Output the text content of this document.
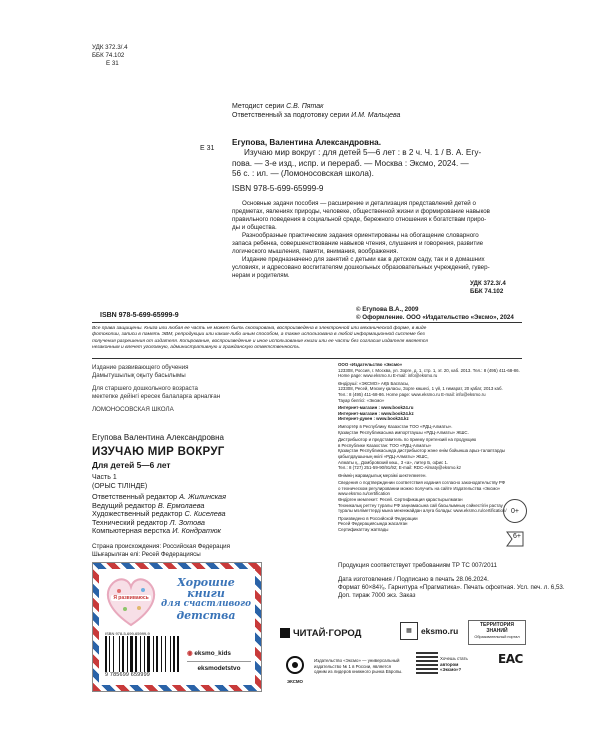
УДК 372.3/.4
ББК 74.102
Е 31
Методист серии С.В. Пятак
Ответственный за подготовку серии И.М. Мальцева
Е 31
Егупова, Валентина Александровна.
Изучаю мир вокруг : для детей 5—6 лет : в 2 ч. Ч. 1 / В. А. Егу-
пова. — 3-е изд., испр. и перераб. — Москва : Эксмо, 2024. —
56 с. : ил. — (Ломоносовская школа).
ISBN 978-5-699-65999-9
Основные задачи пособия — расширение и детализация представлений детей о
предметах, явлениях природы, человеке, общественной жизни и формирование навыков
правильного поведения в социальной среде, бережного отношения к богатствам приро-
ды и общества.
Разнообразные практические задания ориентированы на обогащение словарного
запаса ребенка, совершенствование навыков чтения, слушания и говорения, развитие
логического мышления, памяти, внимания, воображения.
Издание предназначено для занятий с детьми как в детском саду, так и в домашних
условиях, и адресовано воспитателям дошкольных образовательных учреждений, гувер-
нерам и родителям.
УДК 372.3/.4
ББК 74.102
ISBN 978-5-699-65999-9
© Егупова В.А., 2009
© Оформление. ООО «Издательство «Эксмо», 2024
Все права защищены. Книга или любая ее часть не может быть скопирована, воспроизведена в электронной или механической форме, в виде
фотокопии, записи в память ЭВМ, репродукции или каким-либо иным способом, а также использована в любой информационной системе без
получения разрешения от издателя. Копирование, воспроизведение и иное использование книги или ее части без согласия издателя является
незаконным и влечет уголовную, административную и гражданскую ответственность.
Издание развивающего обучения
Дамытушылық оқыту басылымы
Для старшего дошкольного возраста
мектепке дейінгі ересек балаларға арналған
ЛОМОНОСОВСКАЯ ШКОЛА
Егупова Валентина Александровна
ИЗУЧАЮ МИР ВОКРУГ
Для детей 5—6 лет
Часть 1
(ОРЫС ТІЛІНДЕ)
Ответственный редактор А. Жилинская
Ведущий редактор В. Ермолаева
Художественный редактор С. Киселева
Технический редактор Л. Зотова
Компьютерная верстка И. Кондратюк
Страна происхождения: Российская Федерация
Шығарылған елі: Ресей Федерациясы
Я развиваюсь
Хорошие
книги
для счастливого
детства
ISBN 978-5-699-65999-9
9 785699 659999
◉ eksmo_kids
eksmodetstvo
ООО «Издательство «Эксмо»
123308, Россия, г. Москва, ул. Зорге, д. 1, стр. 1, эт. 20, каб. 2013. Тел.: 8 (495) 411-68-86.
Home page: www.eksmo.ru E-mail: info@eksmo.ru
Өндіруші: «ЭКСМО» АҚБ Баспасы,
123308, Ресей, Мәскеу қаласы, Зорге көшесі, 1 үй, 1 ғимарат, 20 қабат, 2013 каб.
Тел.: 8 (495) 411-68-86. Home page: www.eksmo.ru E-mail: info@eksmo.ru
Тауар белгісі: «Эксмо»
Интернет-магазин : www.book24.ru
Интернет-магазин : www.book24.kz
Интернет-дүкен : www.book24.kz
Импортёр в Республику Казахстан ТОО «РДЦ-Алматы».
Қазақстан Республикасына импорттаушы «РДЦ-Алматы» ЖШС.
Дистрибьютор и представитель по приему претензий на продукцию
в Республике Казахстан: ТОО «РДЦ-Алматы»
Қазақстан Республикасында дистрибьютор және өнім бойынша арыз-талаптарды
қабылдаушының өкілі «РДЦ-Алматы» ЖШС,
Алматы қ., Домбровский көш., 3 «а», литер Б, офис 1.
Тел.: 8 (727) 251-59-90/91/92; E-mail: RDC-Almaty@eksmo.kz
Өнімнің жарамдылық мерзімі шектелмеген.
Сведения о подтверждении соответствия издания согласно законодательству РФ
о техническом регулировании можно получить на сайте Издательства «Эксмо»
www.eksmo.ru/certification
Өндірген мемлекет: Ресей. Сертификация қарастырылмаған
Техникалық реттеу туралы РФ заңнамасына сай басылымның сәйкестігін растау
туралы мәліметтерді мына мекенжайдан алуға болады: www.eksmo.ru/certification/
Произведено в Российской Федерации
Ресей Федерациясында жасалған
Сертификаттау жатпады
0+
6+
Продукция соответствует требованиям ТР ТС 007/2011
Дата изготовления / Подписано в печать 28.06.2024.
Формат 60×84¹⁄₈. Гарнитура «Прагматика». Печать офсетная. Усл. печ. л. 6,53.
Доп. тираж 7000 экз. Заказ
ЧИТАЙ·ГОРОД	▦	eksmo.ru
ТЕРРИТОРИЯ
ЗНАНИЙ
Образовательный портал
ЭКСМО
Издательство «Эксмо» — универсальный
издательство № 1 в России, является
одним из лидеров книжного рынка Европы.
Хочешь стать
автором «Эксмо»?
ЕАС
